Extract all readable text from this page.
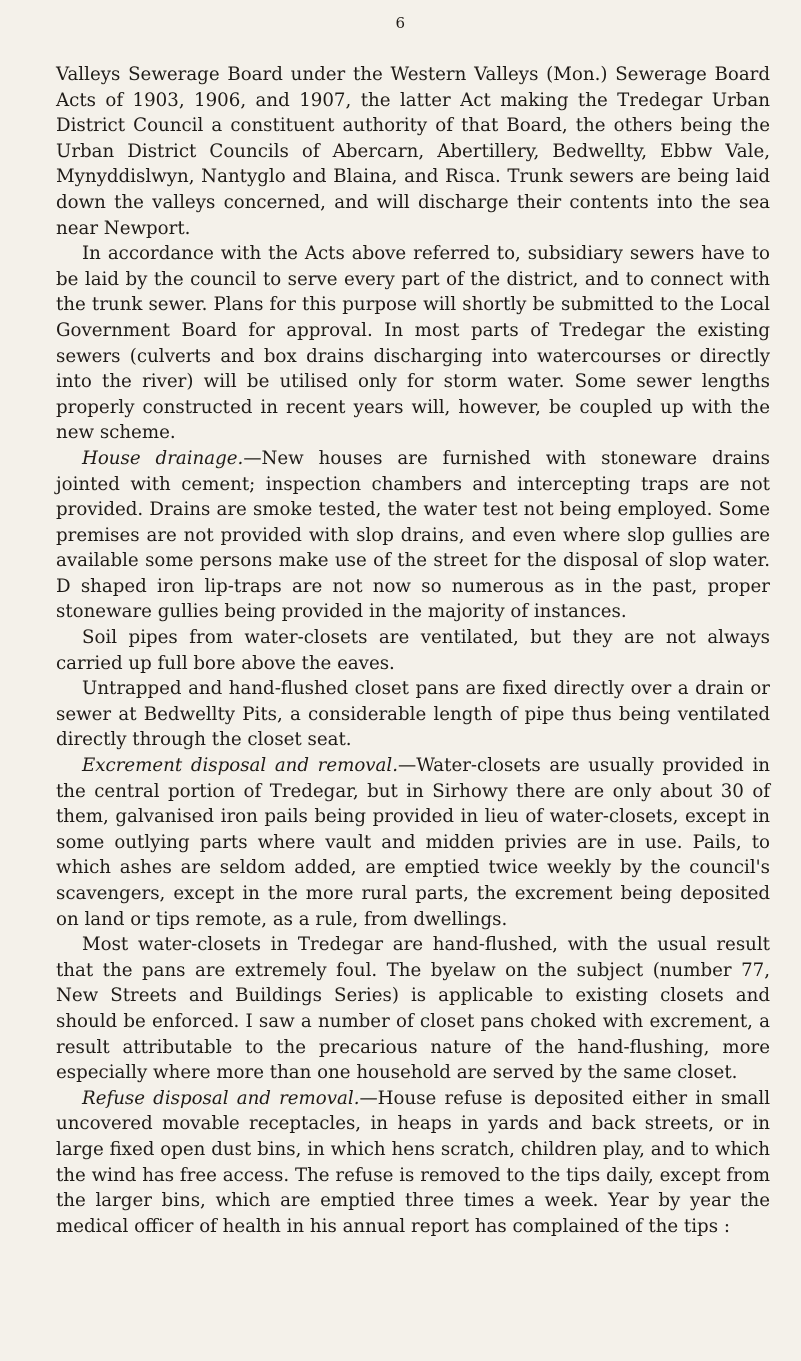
6

Valleys Sewerage Board under the Western Valleys (Mon.) Sewerage Board Acts of 1903, 1906, and 1907, the latter Act making the Tredegar Urban District Council a constituent authority of that Board, the others being the Urban District Councils of Abercarn, Abertillery, Bedwellty, Ebbw Vale, Mynyddislwyn, Nantyglo and Blaina, and Risca. Trunk sewers are being laid down the valleys concerned, and will discharge their contents into the sea near Newport.

In accordance with the Acts above referred to, subsidiary sewers have to be laid by the council to serve every part of the district, and to connect with the trunk sewer. Plans for this purpose will shortly be submitted to the Local Government Board for approval. In most parts of Tredegar the existing sewers (culverts and box drains discharging into watercourses or directly into the river) will be utilised only for storm water. Some sewer lengths properly constructed in recent years will, however, be coupled up with the new scheme.

House drainage.—New houses are furnished with stoneware drains jointed with cement; inspection chambers and intercepting traps are not provided. Drains are smoke tested, the water test not being employed. Some premises are not provided with slop drains, and even where slop gullies are available some persons make use of the street for the disposal of slop water. D shaped iron lip-traps are not now so numerous as in the past, proper stoneware gullies being provided in the majority of instances.

Soil pipes from water-closets are ventilated, but they are not always carried up full bore above the eaves.

Untrapped and hand-flushed closet pans are fixed directly over a drain or sewer at Bedwellty Pits, a considerable length of pipe thus being ventilated directly through the closet seat.

Excrement disposal and removal.—Water-closets are usually provided in the central portion of Tredegar, but in Sirhowy there are only about 30 of them, galvanised iron pails being provided in lieu of water-closets, except in some outlying parts where vault and midden privies are in use. Pails, to which ashes are seldom added, are emptied twice weekly by the council's scavengers, except in the more rural parts, the excrement being deposited on land or tips remote, as a rule, from dwellings.

Most water-closets in Tredegar are hand-flushed, with the usual result that the pans are extremely foul. The byelaw on the subject (number 77, New Streets and Buildings Series) is applicable to existing closets and should be enforced. I saw a number of closet pans choked with excrement, a result attributable to the precarious nature of the hand-flushing, more especially where more than one household are served by the same closet.

Refuse disposal and removal.—House refuse is deposited either in small uncovered movable receptacles, in heaps in yards and back streets, or in large fixed open dust bins, in which hens scratch, children play, and to which the wind has free access. The refuse is removed to the tips daily, except from the larger bins, which are emptied three times a week. Year by year the medical officer of health in his annual report has complained of the tips :
